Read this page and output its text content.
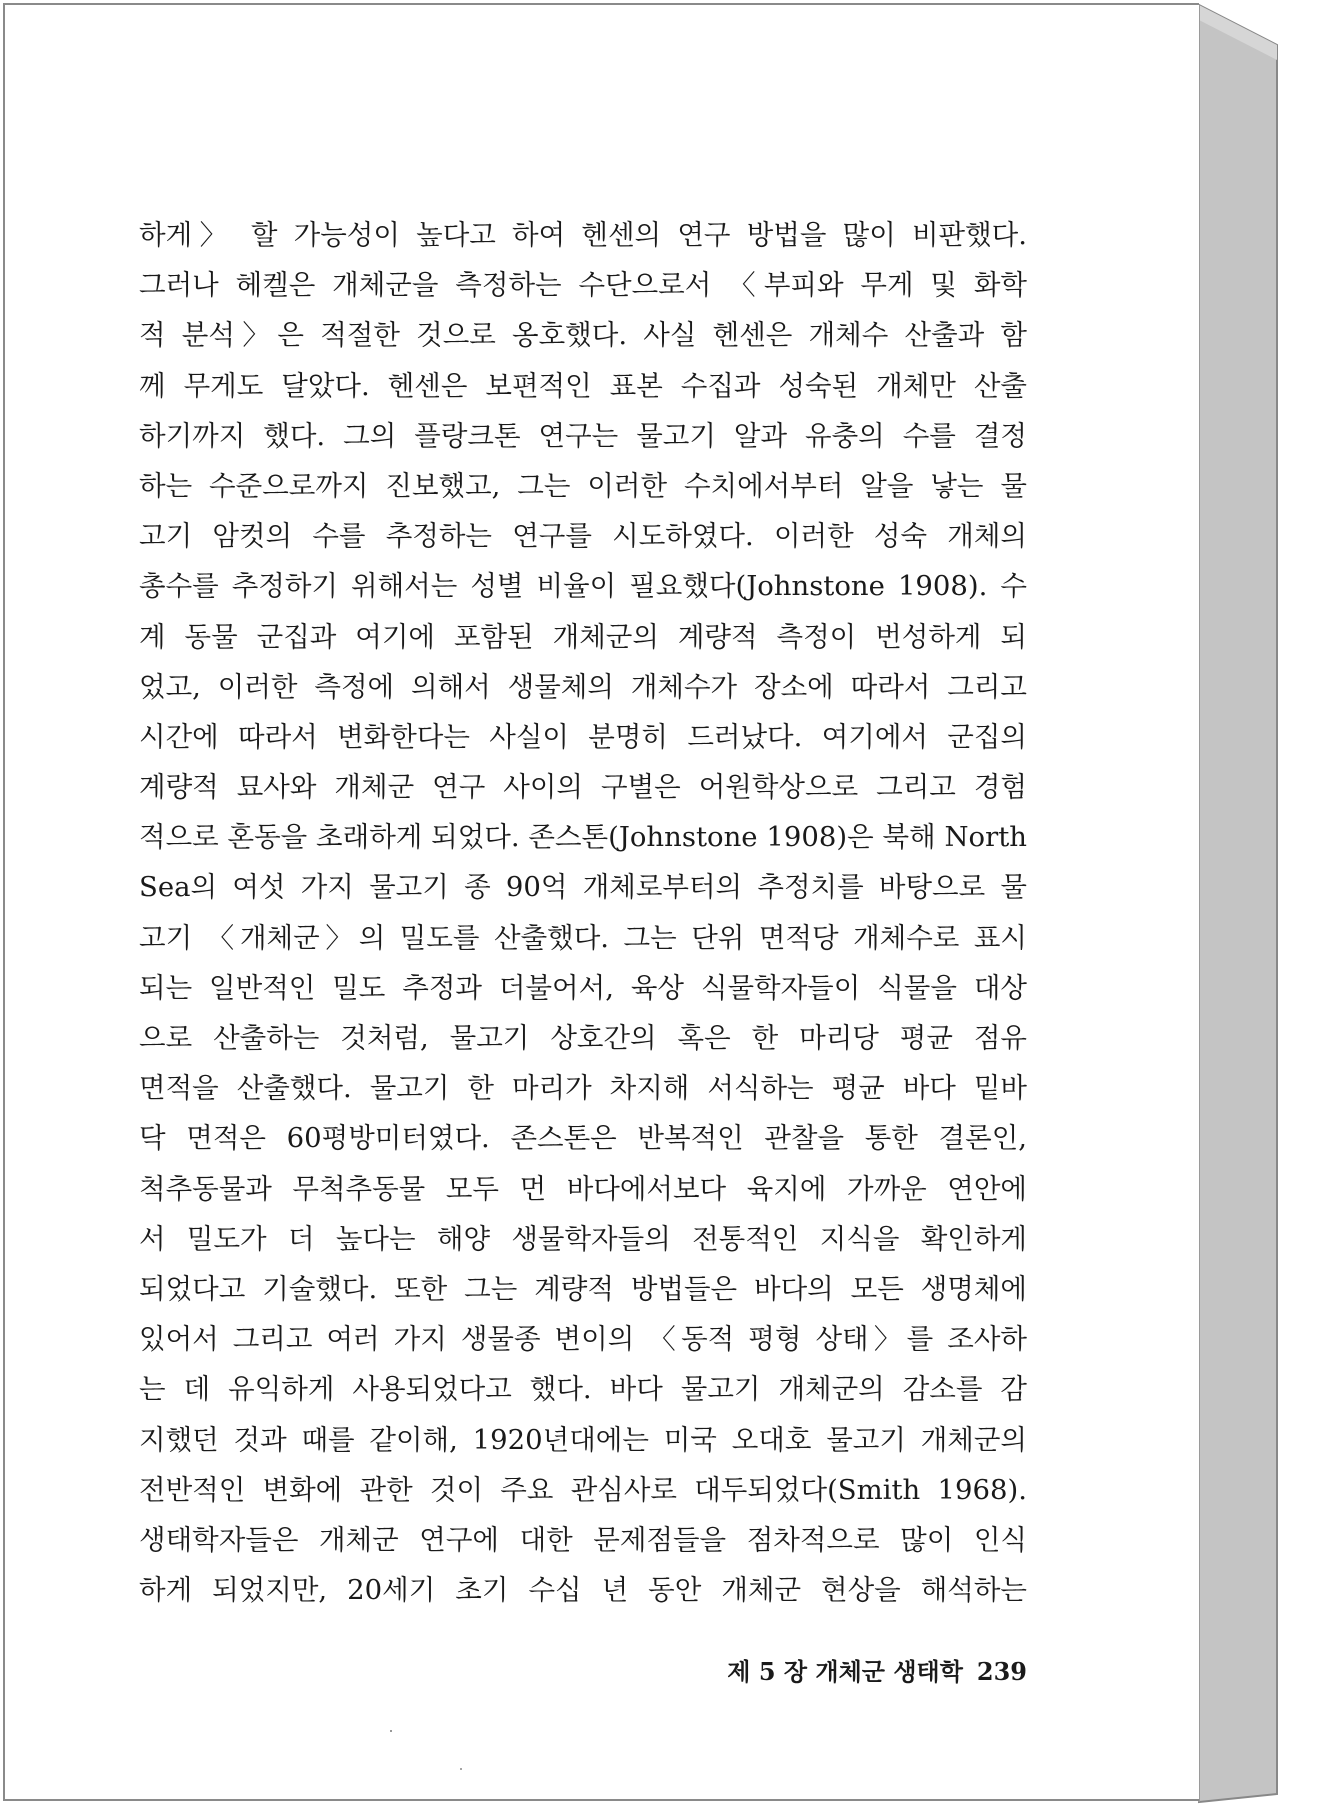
하게〉 할 가능성이 높다고 하여 헨센의 연구 방법을 많이 비판했다.
그러나 헤켈은 개체군을 측정하는 수단으로서 〈부피와 무게 및 화학
적 분석〉은 적절한 것으로 옹호했다. 사실 헨센은 개체수 산출과 함
께 무게도 달았다. 헨센은 보편적인 표본 수집과 성숙된 개체만 산출
하기까지 했다. 그의 플랑크톤 연구는 물고기 알과 유충의 수를 결정
하는 수준으로까지 진보했고, 그는 이러한 수치에서부터 알을 낳는 물
고기 암컷의 수를 추정하는 연구를 시도하였다. 이러한 성숙 개체의
총수를 추정하기 위해서는 성별 비율이 필요했다(Johnstone 1908). 수
계 동물 군집과 여기에 포함된 개체군의 계량적 측정이 번성하게 되
었고, 이러한 측정에 의해서 생물체의 개체수가 장소에 따라서 그리고
시간에 따라서 변화한다는 사실이 분명히 드러났다. 여기에서 군집의
계량적 묘사와 개체군 연구 사이의 구별은 어원학상으로 그리고 경험
적으로 혼동을 초래하게 되었다. 존스톤(Johnstone 1908)은 북해 North
Sea의 여섯 가지 물고기 종 90억 개체로부터의 추정치를 바탕으로 물
고기 〈개체군〉의 밀도를 산출했다. 그는 단위 면적당 개체수로 표시
되는 일반적인 밀도 추정과 더불어서, 육상 식물학자들이 식물을 대상
으로 산출하는 것처럼, 물고기 상호간의 혹은 한 마리당 평균 점유
면적을 산출했다. 물고기 한 마리가 차지해 서식하는 평균 바다 밑바
닥 면적은 60평방미터였다. 존스톤은 반복적인 관찰을 통한 결론인,
척추동물과 무척추동물 모두 먼 바다에서보다 육지에 가까운 연안에
서 밀도가 더 높다는 해양 생물학자들의 전통적인 지식을 확인하게
되었다고 기술했다. 또한 그는 계량적 방법들은 바다의 모든 생명체에
있어서 그리고 여러 가지 생물종 변이의 〈동적 평형 상태〉를 조사하
는 데 유익하게 사용되었다고 했다. 바다 물고기 개체군의 감소를 감
지했던 것과 때를 같이해, 1920년대에는 미국 오대호 물고기 개체군의
전반적인 변화에 관한 것이 주요 관심사로 대두되었다(Smith 1968).
생태학자들은 개체군 연구에 대한 문제점들을 점차적으로 많이 인식
하게 되었지만, 20세기 초기 수십 년 동안 개체군 현상을 해석하는
제 5 장 개체군 생태학 239
